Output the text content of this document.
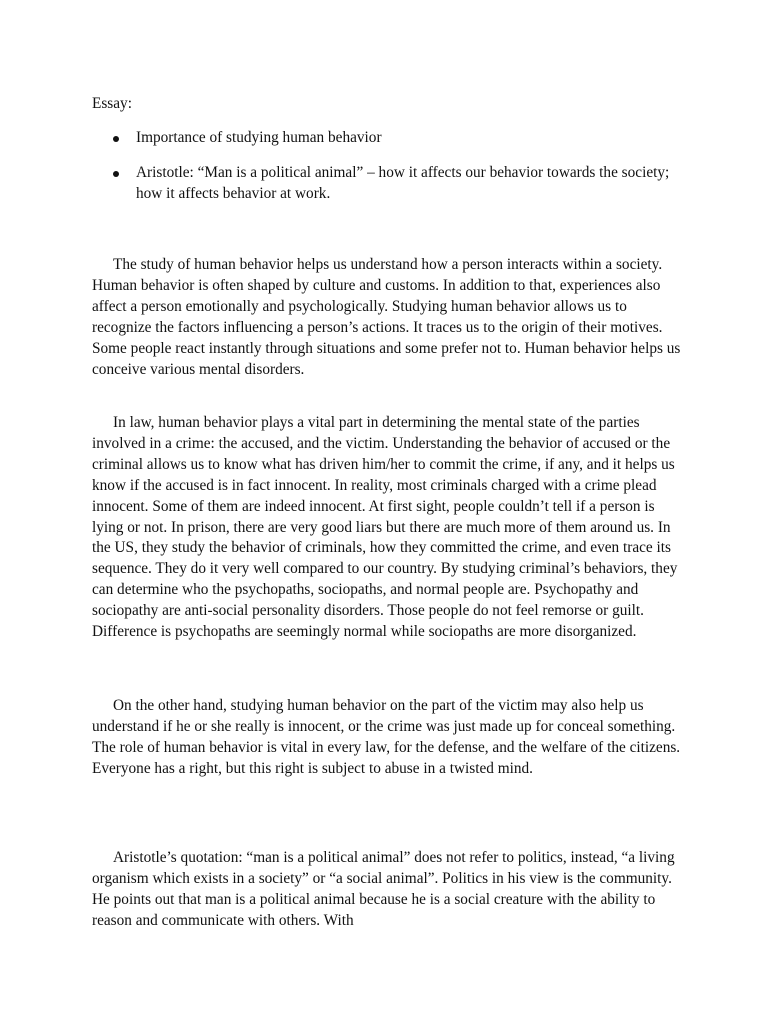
Essay:

Importance of studying human behavior
Aristotle: “Man is a political animal” – how it affects our behavior towards the society; how it affects behavior at work.

The study of human behavior helps us understand how a person interacts within a society. Human behavior is often shaped by culture and customs. In addition to that, experiences also affect a person emotionally and psychologically. Studying human behavior allows us to recognize the factors influencing a person’s actions. It traces us to the origin of their motives. Some people react instantly through situations and some prefer not to. Human behavior helps us conceive various mental disorders.

In law, human behavior plays a vital part in determining the mental state of the parties involved in a crime: the accused, and the victim. Understanding the behavior of accused or the criminal allows us to know what has driven him/her to commit the crime, if any, and it helps us know if the accused is in fact innocent. In reality, most criminals charged with a crime plead innocent. Some of them are indeed innocent. At first sight, people couldn’t tell if a person is lying or not. In prison, there are very good liars but there are much more of them around us. In the US, they study the behavior of criminals, how they committed the crime, and even trace its sequence. They do it very well compared to our country. By studying criminal’s behaviors, they can determine who the psychopaths, sociopaths, and normal people are. Psychopathy and sociopathy are anti-social personality disorders. Those people do not feel remorse or guilt. Difference is psychopaths are seemingly normal while sociopaths are more disorganized.

On the other hand, studying human behavior on the part of the victim may also help us understand if he or she really is innocent, or the crime was just made up for conceal something. The role of human behavior is vital in every law, for the defense, and the welfare of the citizens. Everyone has a right, but this right is subject to abuse in a twisted mind.

Aristotle’s quotation: “man is a political animal” does not refer to politics, instead, “a living organism which exists in a society” or “a social animal”. Politics in his view is the community. He points out that man is a political animal because he is a social creature with the ability to reason and communicate with others. With
